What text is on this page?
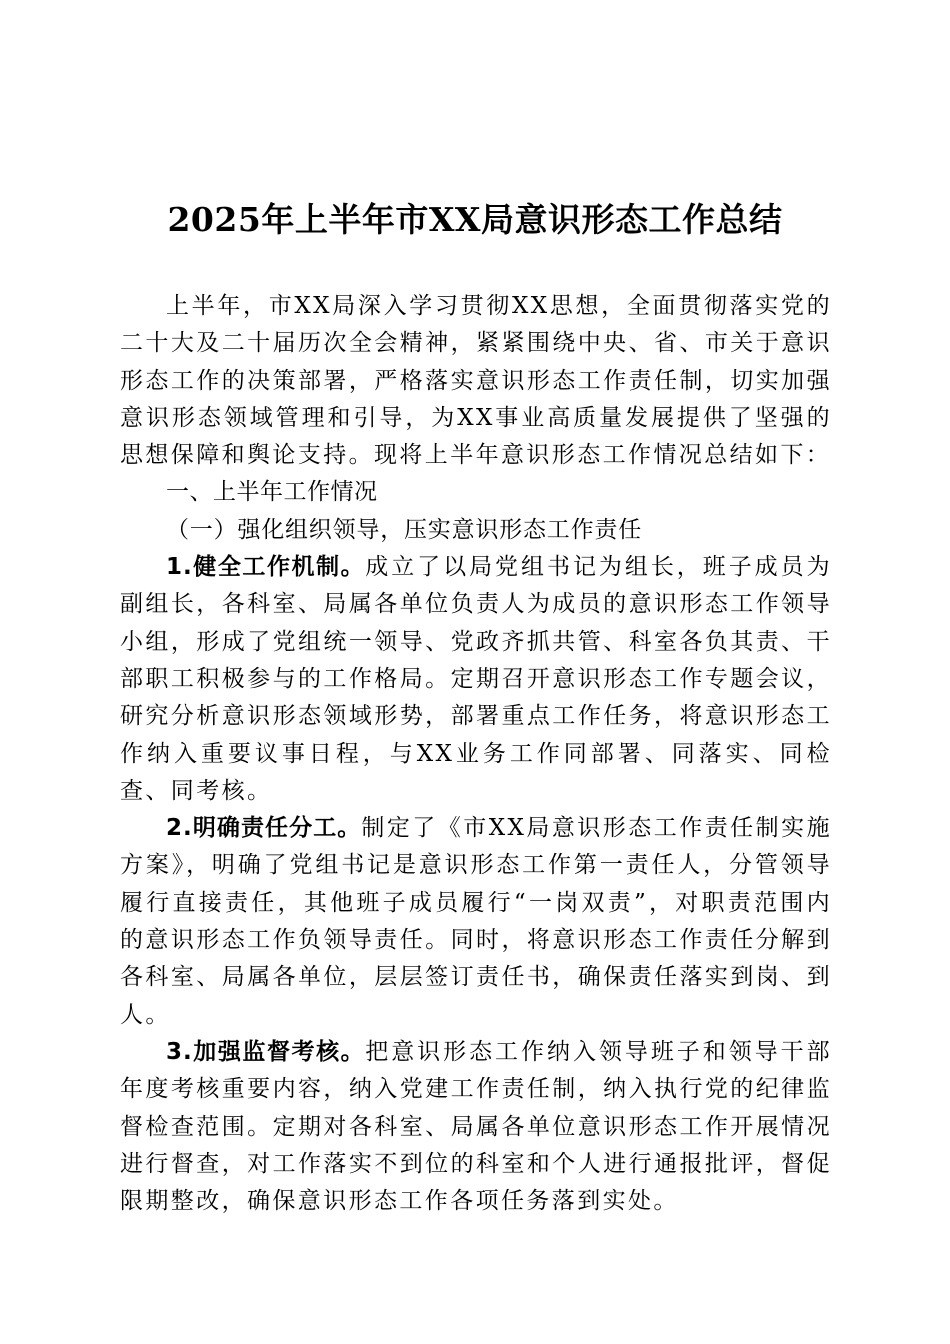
2025年上半年市XX局意识形态工作总结

上半年，市XX局深入学习贯彻XX思想，全面贯彻落实党的二十大及二十届历次全会精神，紧紧围绕中央、省、市关于意识形态工作的决策部署，严格落实意识形态工作责任制，切实加强意识形态领域管理和引导，为XX事业高质量发展提供了坚强的思想保障和舆论支持。现将上半年意识形态工作情况总结如下：

一、上半年工作情况

（一）强化组织领导，压实意识形态工作责任

1.健全工作机制。成立了以局党组书记为组长，班子成员为副组长，各科室、局属各单位负责人为成员的意识形态工作领导小组，形成了党组统一领导、党政齐抓共管、科室各负其责、干部职工积极参与的工作格局。定期召开意识形态工作专题会议，研究分析意识形态领域形势，部署重点工作任务，将意识形态工作纳入重要议事日程，与XX业务工作同部署、同落实、同检查、同考核。

2.明确责任分工。制定了《市XX局意识形态工作责任制实施方案》，明确了党组书记是意识形态工作第一责任人，分管领导履行直接责任，其他班子成员履行“一岗双责”，对职责范围内的意识形态工作负领导责任。同时，将意识形态工作责任分解到各科室、局属各单位，层层签订责任书，确保责任落实到岗、到人。

3.加强监督考核。把意识形态工作纳入领导班子和领导干部年度考核重要内容，纳入党建工作责任制，纳入执行党的纪律监督检查范围。定期对各科室、局属各单位意识形态工作开展情况进行督查，对工作落实不到位的科室和个人进行通报批评，督促限期整改，确保意识形态工作各项任务落到实处。
